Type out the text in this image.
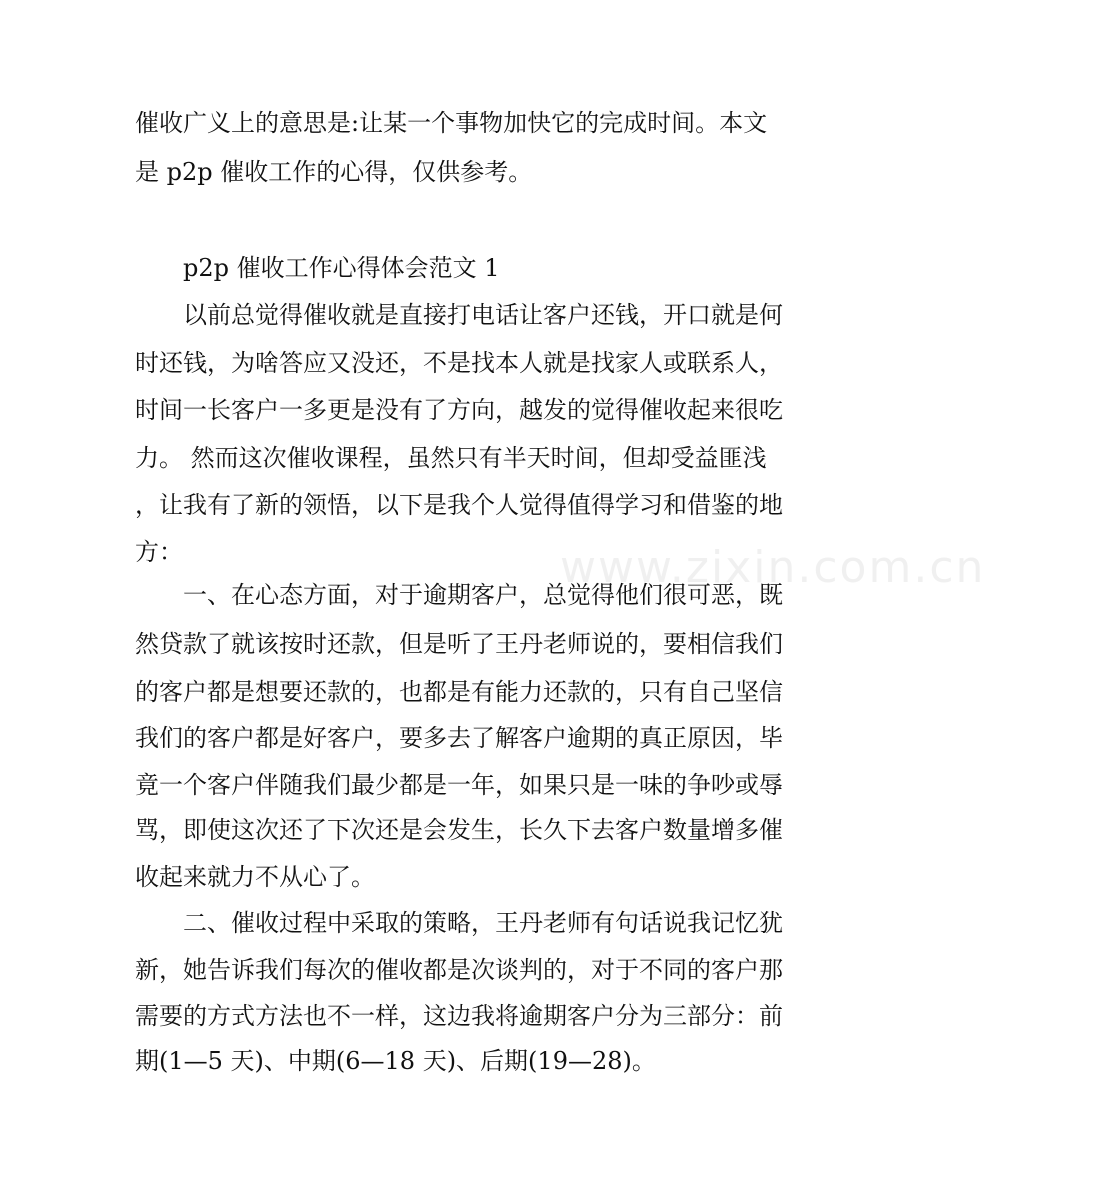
www.zixin.com.cn
催收广义上的意思是:让某一个事物加快它的完成时间。本文
是 p2p 催收工作的心得，仅供参考。
p2p 催收工作心得体会范文 1
以前总觉得催收就是直接打电话让客户还钱，开口就是何
时还钱，为啥答应又没还，不是找本人就是找家人或联系人，
时间一长客户一多更是没有了方向，越发的觉得催收起来很吃
力。 然而这次催收课程，虽然只有半天时间，但却受益匪浅
，让我有了新的领悟，以下是我个人觉得值得学习和借鉴的地
方：
一、在心态方面，对于逾期客户，总觉得他们很可恶，既
然贷款了就该按时还款，但是听了王丹老师说的，要相信我们
的客户都是想要还款的，也都是有能力还款的，只有自己坚信
我们的客户都是好客户，要多去了解客户逾期的真正原因，毕
竟一个客户伴随我们最少都是一年，如果只是一味的争吵或辱
骂，即使这次还了下次还是会发生，长久下去客户数量增多催
收起来就力不从心了。
二、催收过程中采取的策略，王丹老师有句话说我记忆犹
新，她告诉我们每次的催收都是次谈判的，对于不同的客户那
需要的方式方法也不一样，这边我将逾期客户分为三部分：前
期(1—5 天)、中期(6—18 天)、后期(19—28)。
